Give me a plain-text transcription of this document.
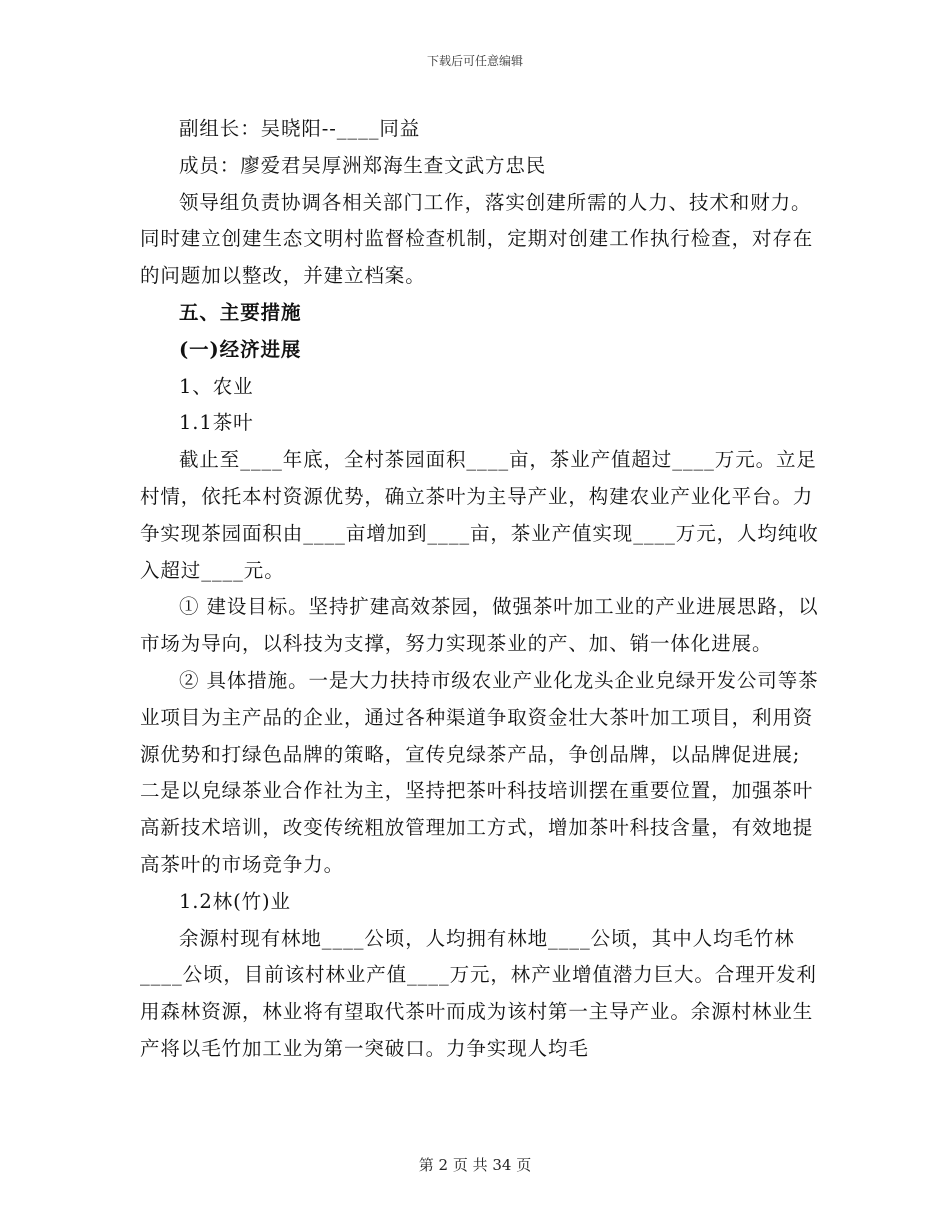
下载后可任意编辑

副组长：吴晓阳--____同益

成员：廖爱君吴厚洲郑海生查文武方忠民

领导组负责协调各相关部门工作，落实创建所需的人力、技术和财力。同时建立创建生态文明村监督检查机制，定期对创建工作执行检查，对存在的问题加以整改，并建立档案。

五、主要措施

(一)经济进展

1、农业

1.1茶叶

截止至____年底，全村茶园面积____亩，茶业产值超过____万元。立足村情，依托本村资源优势，确立茶叶为主导产业，构建农业产业化平台。力争实现茶园面积由____亩增加到____亩，茶业产值实现____万元，人均纯收入超过____元。

① 建设目标。坚持扩建高效茶园，做强茶叶加工业的产业进展思路，以市场为导向，以科技为支撑，努力实现茶业的产、加、销一体化进展。

② 具体措施。一是大力扶持市级农业产业化龙头企业皃绿开发公司等茶业项目为主产品的企业，通过各种渠道争取资金壮大茶叶加工项目，利用资源优势和打绿色品牌的策略，宣传皃绿茶产品，争创品牌，以品牌促进展;二是以皃绿茶业合作社为主，坚持把茶叶科技培训摆在重要位置，加强茶叶高新技术培训，改变传统粗放管理加工方式，增加茶叶科技含量，有效地提高茶叶的市场竞争力。

1.2林(竹)业

余源村现有林地____公顷，人均拥有林地____公顷，其中人均毛竹林____公顷，目前该村林业产值____万元，林产业增值潜力巨大。合理开发利用森林资源，林业将有望取代茶叶而成为该村第一主导产业。余源村林业生产将以毛竹加工业为第一突破口。力争实现人均毛

第 2 页 共 34 页
